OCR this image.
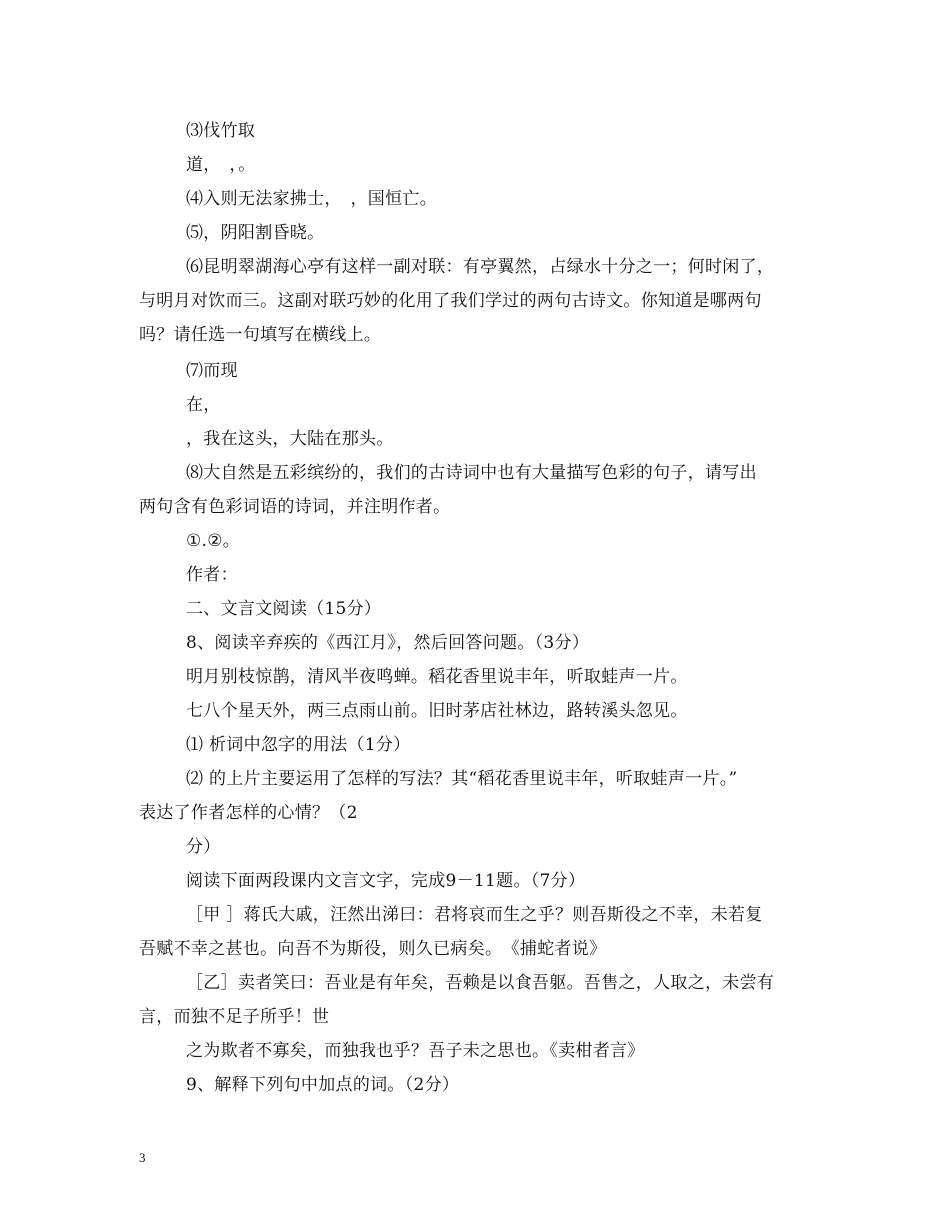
⑶伐竹取
道，　，。
⑷入则无法家拂士，　，国恒亡。
⑸，阴阳割昏晓。
⑹昆明翠湖海心亭有这样一副对联：有亭翼然，占绿水十分之一；何时闲了，
与明月对饮而三。这副对联巧妙的化用了我们学过的两句古诗文。你知道是哪两句
吗？请任选一句填写在横线上。
⑺而现
在，
，我在这头，大陆在那头。
⑻大自然是五彩缤纷的，我们的古诗词中也有大量描写色彩的句子，请写出
两句含有色彩词语的诗词，并注明作者。
①.②。
作者：
二、文言文阅读（15分）
8、阅读辛弃疾的《西江月》，然后回答问题。（3分）
明月别枝惊鹊，清风半夜鸣蝉。稻花香里说丰年，听取蛙声一片。
七八个星天外，两三点雨山前。旧时茅店社林边，路转溪头忽见。
⑴ 析词中忽字的用法（1分）
⑵ 的上片主要运用了怎样的写法？其“稻花香里说丰年，听取蛙声一片。”
表达了作者怎样的心情？（2
分）
阅读下面两段课内文言文字，完成9－11题。（7分）
［甲 ］蒋氏大戚，汪然出涕曰：君将哀而生之乎？则吾斯役之不幸，未若复
吾赋不幸之甚也。向吾不为斯役，则久已病矣。　《捕蛇者说》
［乙］卖者笑曰：吾业是有年矣，吾赖是以食吾躯。吾售之，人取之，未尝有
言，而独不足子所乎！世
之为欺者不寡矣，而独我也乎？吾子未之思也。《卖柑者言》
9、解释下列句中加点的词。（2分）
3
